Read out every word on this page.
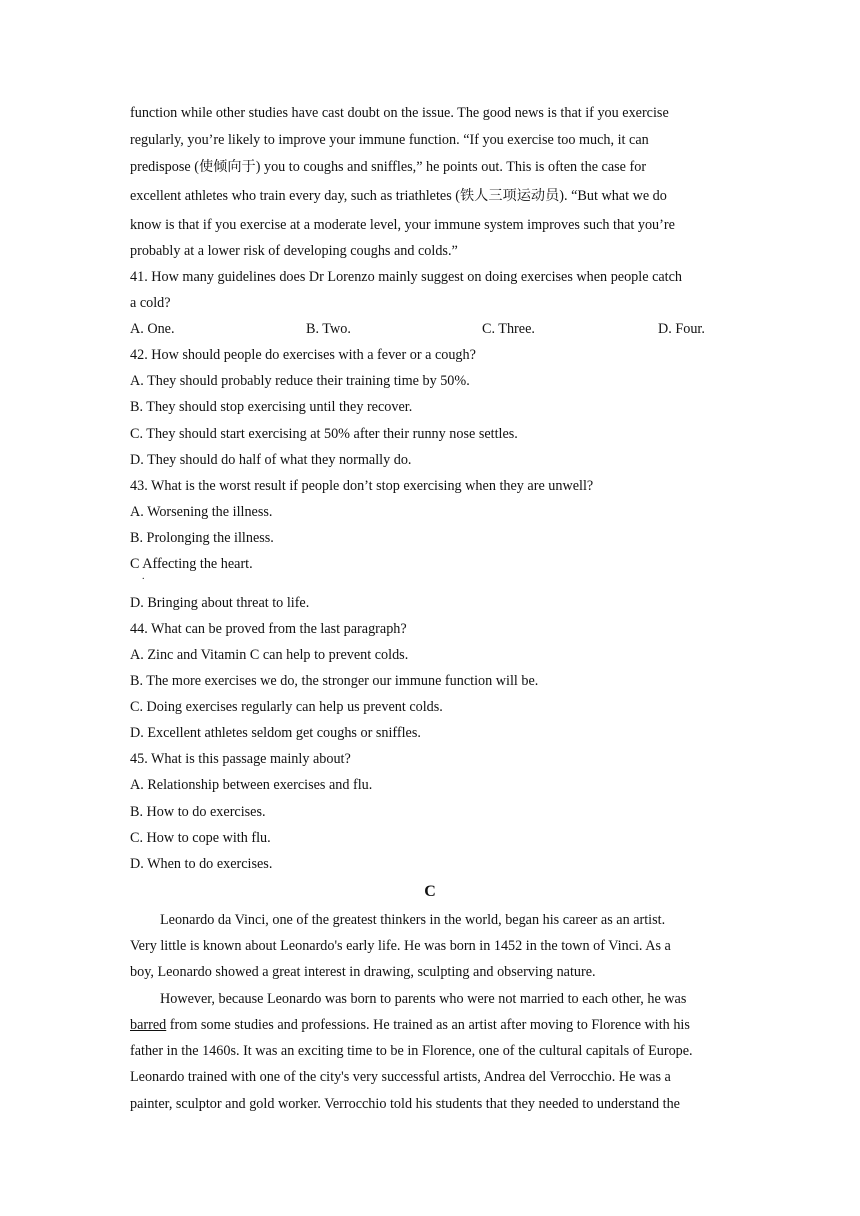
function while other studies have cast doubt on the issue. The good news is that if you exercise
regularly, you’re likely to improve your immune function. “If you exercise too much, it can
predispose (使倾向于) you to coughs and sniffles,” he points out. This is often the case for
excellent athletes who train every day, such as triathletes (铁人三项运动员). “But what we do
know is that if you exercise at a moderate level, your immune system improves such that you’re
probably at a lower risk of developing coughs and colds.”
41. How many guidelines does Dr Lorenzo mainly suggest on doing exercises when people catch
a cold?
A. One.	B. Two.	C. Three.	D. Four.
42. How should people do exercises with a fever or a cough?
A. They should probably reduce their training time by 50%.
B. They should stop exercising until they recover.
C. They should start exercising at 50% after their runny nose settles.
D. They should do half of what they normally do.
43. What is the worst result if people don’t stop exercising when they are unwell?
A. Worsening the illness.
B. Prolonging the illness.
C Affecting the heart.
.
D. Bringing about threat to life.
44. What can be proved from the last paragraph?
A. Zinc and Vitamin C can help to prevent colds.
B. The more exercises we do, the stronger our immune function will be.
C. Doing exercises regularly can help us prevent colds.
D. Excellent athletes seldom get coughs or sniffles.
45. What is this passage mainly about?
A. Relationship between exercises and flu.
B. How to do exercises.
C. How to cope with flu.
D. When to do exercises.
C
Leonardo da Vinci, one of the greatest thinkers in the world, began his career as an artist.
Very little is known about Leonardo's early life. He was born in 1452 in the town of Vinci. As a
boy, Leonardo showed a great interest in drawing, sculpting and observing nature.
However, because Leonardo was born to parents who were not married to each other, he was
barred from some studies and professions. He trained as an artist after moving to Florence with his
father in the 1460s. It was an exciting time to be in Florence, one of the cultural capitals of Europe.
Leonardo trained with one of the city's very successful artists, Andrea del Verrocchio. He was a
painter, sculptor and gold worker. Verrocchio told his students that they needed to understand the
